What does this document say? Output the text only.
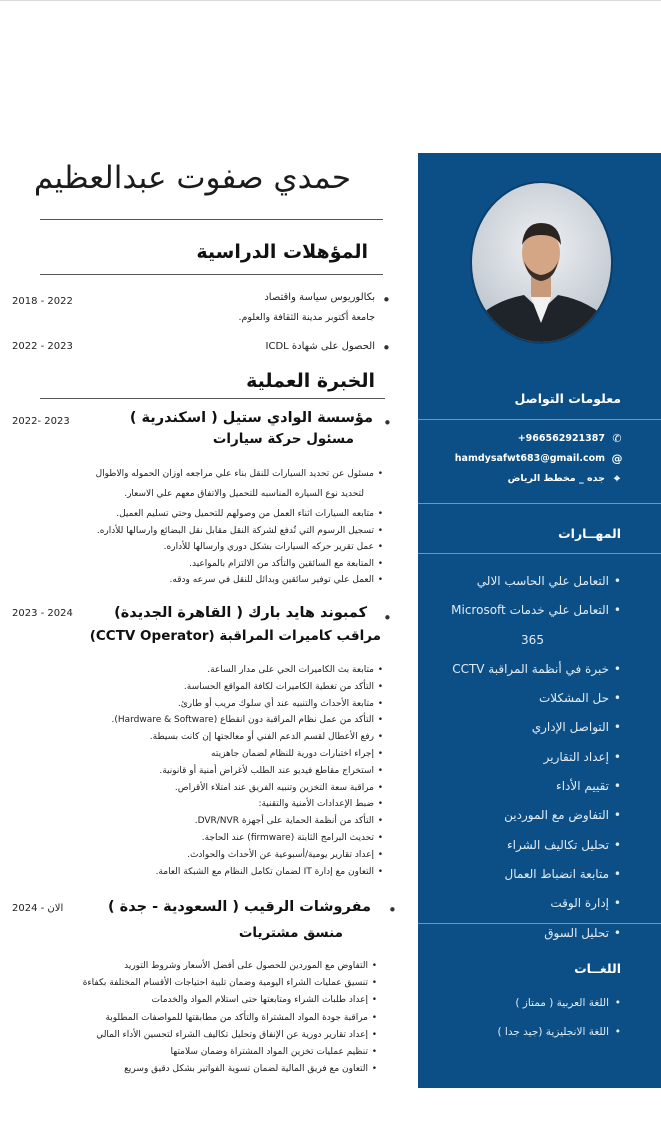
معلومات التواصل
✆
+966562921387
@
hamdysafwt683@gmail.com
⌖
جده _ مخطط الرياض
المهــارات
• التعامل علي الحاسب الالي
• التعامل علي خدمات Microsoft
365
• خبرة في أنظمة المراقبة CCTV
• حل المشكلات
• التواصل الإداري
• إعداد التقارير
• تقييم الأداء
• التفاوض مع الموردين
• تحليل تكاليف الشراء
• متابعة انضباط العمال
• إدارة الوقت
• تحليل السوق
اللغــات
• اللغة العربية ( ممتاز )
• اللغة الانجليزية (جيد جدا )
حمدي صفوت عبدالعظيم
المؤهلات الدراسية
•
بكالوريوس سياسة واقتصاد
جامعة أكتوبر مدينة الثقافة والعلوم.
2018 - 2022
•
الحصول على شهادة ICDL
2022 - 2023
الخبرة العملية
•
مؤسسة الوادي ستيل ( اسكندرية )
مسئول حركة سيارات
2022- 2023
• مسئول عن تحديد السيارات للنقل بناء علي مراجعه اوزان الحموله والاطوال
لتحديد نوع السياره المناسبه للتحميل والاتفاق معهم علي الاسعار.
• متابعه السيارات اثناء العمل من وصولهم للتحميل وحتي تسليم العميل.
• تسجيل الرسوم التي تُدفع لشركة النقل مقابل نقل البضائع وارسالها للأداره.
• عمل تقرير حركه السيارات بشكل دوري وارسالها للأداره.
• المتابعة مع السائقين والتأكد من الالتزام بالمواعيد.
• العمل علي توفير سائقين وبدائل للنقل في سرعه ودقه.
•
كمبوند هايد بارك ( القاهرة الجديدة)
مراقب كاميرات المراقبة (CCTV Operator)
2023 - 2024
• متابعة بث الكاميرات الحي على مدار الساعة.
• التأكد من تغطية الكاميرات لكافة المواقع الحساسة.
• متابعة الأحداث والتنبيه عند أي سلوك مريب أو طارئ.
• التأكد من عمل نظام المراقبة دون انقطاع (Hardware & Software).
• رفع الأعطال لقسم الدعم الفني أو معالجتها إن كانت بسيطة.
• إجراء اختبارات دورية للنظام لضمان جاهزيته
• استخراج مقاطع فيديو عند الطلب لأغراض أمنية أو قانونية.
• مراقبة سعة التخزين وتنبيه الفريق عند امتلاء الأقراص.
• ضبط الإعدادات الأمنية والتقنية:
• التأكد من أنظمة الحماية على أجهزة DVR/NVR.
• تحديث البرامج الثابتة (firmware) عند الحاجة.
• إعداد تقارير يومية/أسبوعية عن الأحداث والحوادث.
• التعاون مع إدارة IT لضمان تكامل النظام مع الشبكة العامة.
•
مفروشات الرقيب ( السعودية - جدة )
منسق مشتريات
الان - 2024
• التفاوض مع الموردين للحصول على أفضل الأسعار وشروط التوريد
• تنسيق عمليات الشراء اليومية وضمان تلبية احتياجات الأقسام المختلفة بكفاءة
• إعداد طلبات الشراء ومتابعتها حتى استلام المواد والخدمات
• مراقبة جودة المواد المشتراة والتأكد من مطابقتها للمواصفات المطلوبة
• إعداد تقارير دورية عن الإنفاق وتحليل تكاليف الشراء لتحسين الأداء المالي
• تنظيم عمليات تخزين المواد المشتراة وضمان سلامتها
• التعاون مع فريق المالية لضمان تسوية الفواتير بشكل دقيق وسريع
